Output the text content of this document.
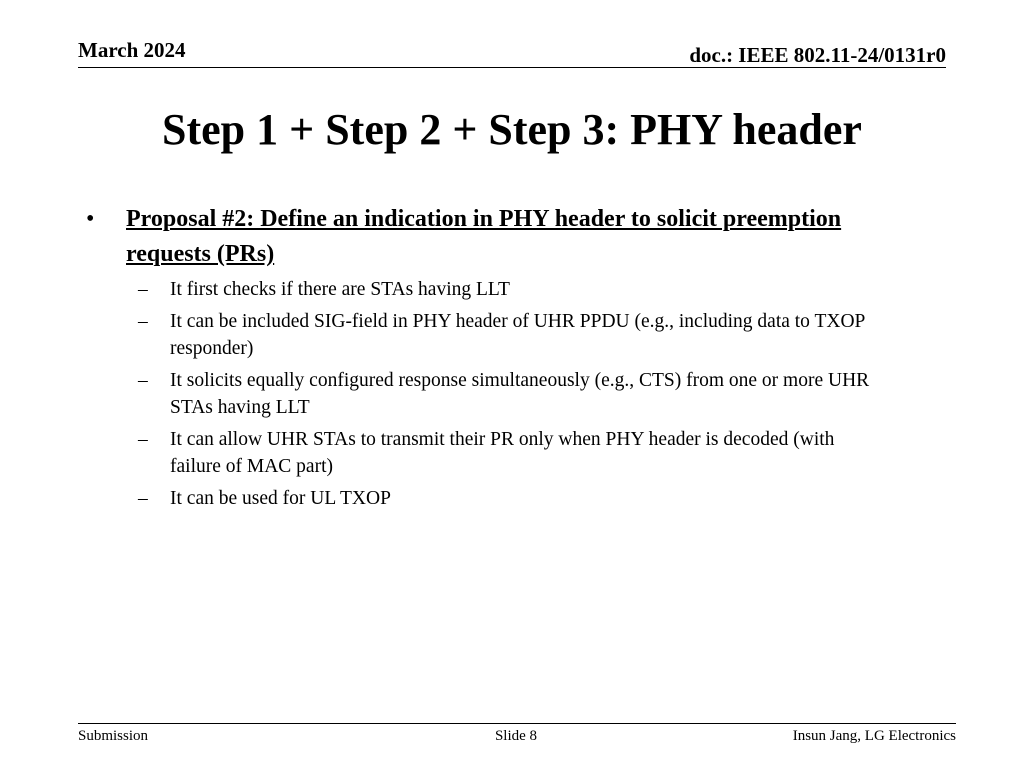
March 2024	doc.: IEEE 802.11-24/0131r0
Step 1 + Step 2 + Step 3: PHY header
• Proposal #2: Define an indication in PHY header to solicit preemption requests (PRs)
– It first checks if there are STAs having LLT
– It can be included SIG-field in PHY header of UHR PPDU (e.g., including data to TXOP responder)
– It solicits equally configured response simultaneously (e.g., CTS) from one or more UHR STAs having LLT
– It can allow UHR STAs to transmit their PR only when PHY header is decoded (with failure of MAC part)
– It can be used for UL TXOP
Submission	Slide 8	Insun Jang, LG Electronics
